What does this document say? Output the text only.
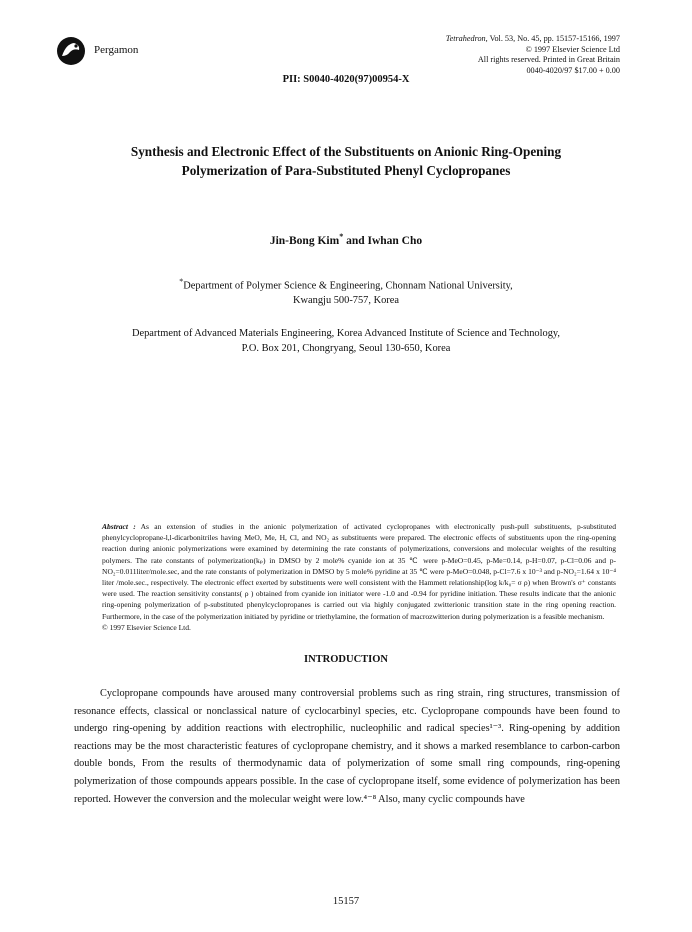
Pergamon
Tetrahedron, Vol. 53, No. 45, pp. 15157-15166, 1997
© 1997 Elsevier Science Ltd
All rights reserved. Printed in Great Britain
0040-4020/97 $17.00 + 0.00
PII: S0040-4020(97)00954-X
Synthesis and Electronic Effect of the Substituents on Anionic Ring-Opening
Polymerization of Para-Substituted Phenyl Cyclopropanes
Jin-Bong Kim* and Iwhan Cho
*Department of Polymer Science & Engineering, Chonnam National University,
Kwangju 500-757, Korea
Department of Advanced Materials Engineering, Korea Advanced Institute of Science and Technology,
P.O. Box 201, Chongryang, Seoul 130-650, Korea
Abstract : As an extension of studies in the anionic polymerization of activated cyclopropanes with electronically push-pull substituents, p-substituted phenylcyclopropane-l,l-dicarbonitriles having MeO, Me, H, Cl, and NO₂ as substituents were prepared. The electronic effects of substituents upon the ring-opening reaction during anionic polymerizations were examined by determining the rate constants of polymerizations, conversions and molecular weights of the resulting polymers. The rate constants of polymerization(kₚ) in DMSO by 2 mole% cyanide ion at 35 ℃ were p-MeO=0.45, p-Me=0.14, p-H=0.07, p-Cl=0.06 and p-NO₂=0.011liter/mole.sec, and the rate constants of polymerization in DMSO by 5 mole% pyridine at 35 ℃ were p-MeO=0.048, p-Cl=7.6 x 10⁻³ and p-NO₂=1.64 x 10⁻⁴ liter /mole.sec., respectively. The electronic effect exerted by substituents were well consistent with the Hammett relationship(log k/k₀= σ ρ) when Brown's σ⁺ constants were used. The reaction sensitivity constants( ρ ) obtained from cyanide ion initiator were -1.0 and -0.94 for pyridine initiation. These results indicate that the anionic ring-opening polymerization of p-substituted phenylcyclopropanes is carried out via highly conjugated zwitterionic transition state in the ring opening reaction. Furthermore, in the case of the polymerization initiated by pyridine or triethylamine, the formation of macrozwitterion during polymerization is a feasible mechanism.
© 1997 Elsevier Science Ltd.
INTRODUCTION
Cyclopropane compounds have aroused many controversial problems such as ring strain, ring structures, transmission of resonance effects, classical or nonclassical nature of cyclocarbinyl species, etc. Cyclopropane compounds have been found to undergo ring-opening by addition reactions with electrophilic, nucleophilic and radical species¹⁻³. Ring-opening by addition reactions may be the most characteristic features of cyclopropane chemistry, and it shows a marked resemblance to carbon-carbon double bonds, From the results of thermodynamic data of polymerization of some small ring compounds, ring-opening polymerization of those compounds appears possible. In the case of cyclopropane itself, some evidence of polymerization has been reported. However the conversion and the molecular weight were low.⁴⁻⁸ Also, many cyclic compounds have
15157
